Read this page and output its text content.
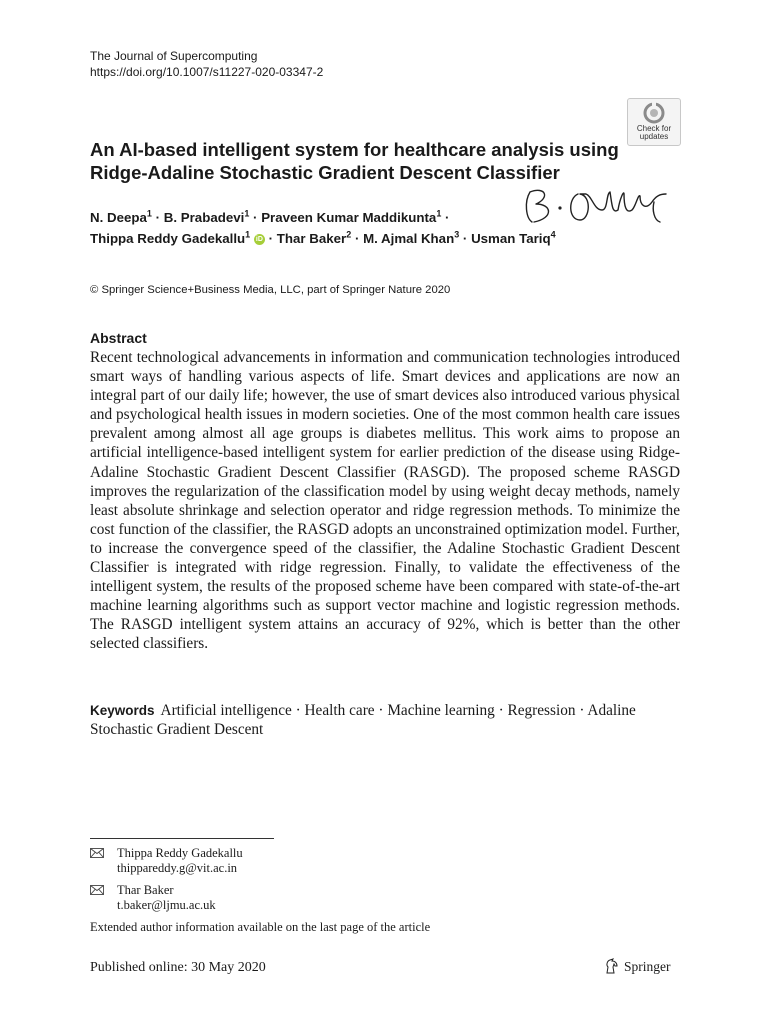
The Journal of Supercomputing
https://doi.org/10.1007/s11227-020-03347-2
Check for
updates
An AI-based intelligent system for healthcare analysis using Ridge-Adaline Stochastic Gradient Descent Classifier
N. Deepa$^1$ · B. Prabadevi$^1$ · Praveen Kumar Maddikunta$^1$ ·
Thippa Reddy Gadekallu$^1$ iD · Thar Baker$^2$ · M. Ajmal Khan$^3$ · Usman Tariq$^4$
© Springer Science+Business Media, LLC, part of Springer Nature 2020
Abstract

Recent technological advancements in information and communication technologies introduced smart ways of handling various aspects of life. Smart devices and applications are now an integral part of our daily life; however, the use of smart devices also introduced various physical and psychological health issues in modern societies. One of the most common health care issues prevalent among almost all age groups is diabetes mellitus. This work aims to propose an artificial intelligence-based intelligent system for earlier prediction of the disease using Ridge-Adaline Stochastic Gradient Descent Classifier (RASGD). The proposed scheme RASGD improves the regularization of the classification model by using weight decay methods, namely least absolute shrinkage and selection operator and ridge regression methods. To minimize the cost function of the classifier, the RASGD adopts an unconstrained optimization model. Further, to increase the convergence speed of the classifier, the Adaline Stochastic Gradient Descent Classifier is integrated with ridge regression. Finally, to validate the effectiveness of the intelligent system, the results of the proposed scheme have been compared with state-of-the-art machine learning algorithms such as support vector machine and logistic regression methods. The RASGD intelligent system attains an accuracy of 92%, which is better than the other selected classifiers.

Keywords Artificial intelligence · Health care · Machine learning · Regression · Adaline Stochastic Gradient Descent

Thippa Reddy Gadekallu
thippareddy.g@vit.ac.in
Thar Baker
t.baker@ljmu.ac.uk
Extended author information available on the last page of the article
Published online: 30 May 2020	Springer
